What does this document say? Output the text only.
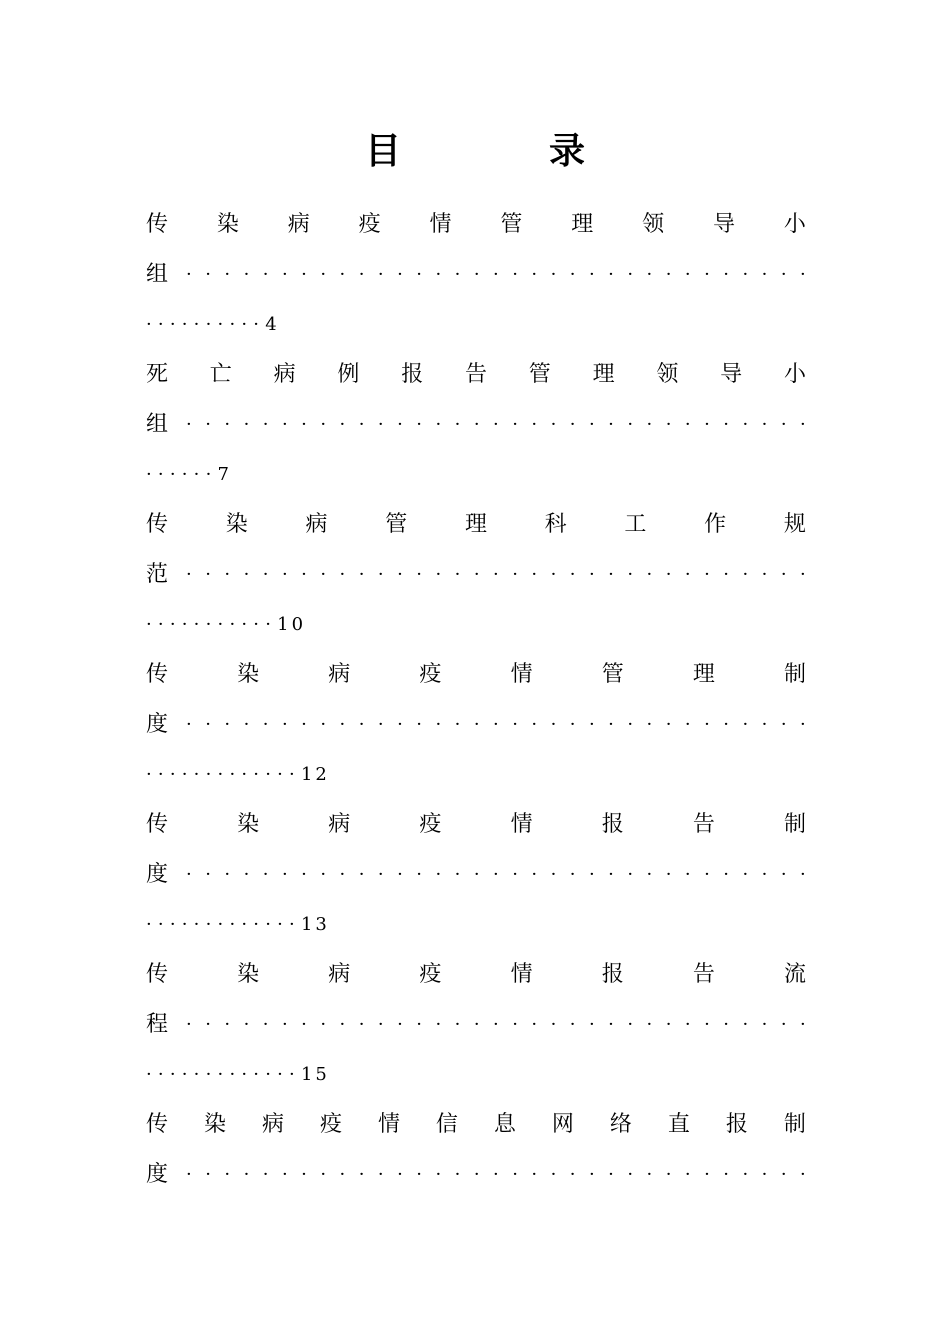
目　录
传 染 病 疫 情 管 理 领 导 小
组 · · · · · · · · · · · · · · · · · · · · · · · · · · · · · · · · ·
··········4
死 亡 病 例 报 告 管 理 领 导 小
组 · · · · · · · · · · · · · · · · · · · · · · · · · · · · · · · · ·
······7
传	染	病	管	理	科	工	作	规
范 · · · · · · · · · · · · · · · · · · · · · · · · · · · · · · · · ·
···········10
传	染	病	疫	情	管	理	制
度 · · · · · · · · · · · · · · · · · · · · · · · · · · · · · · · · ·
·············12
传	染	病	疫	情	报	告	制
度 · · · · · · · · · · · · · · · · · · · · · · · · · · · · · · · · ·
·············13
传	染	病	疫	情	报	告	流
程 · · · · · · · · · · · · · · · · · · · · · · · · · · · · · · · · ·
·············15
传 染 病 疫 情 信 息 网 络 直 报 制
度 · · · · · · · · · · · · · · · · · · · · · · · · · · · · · · · · ·
